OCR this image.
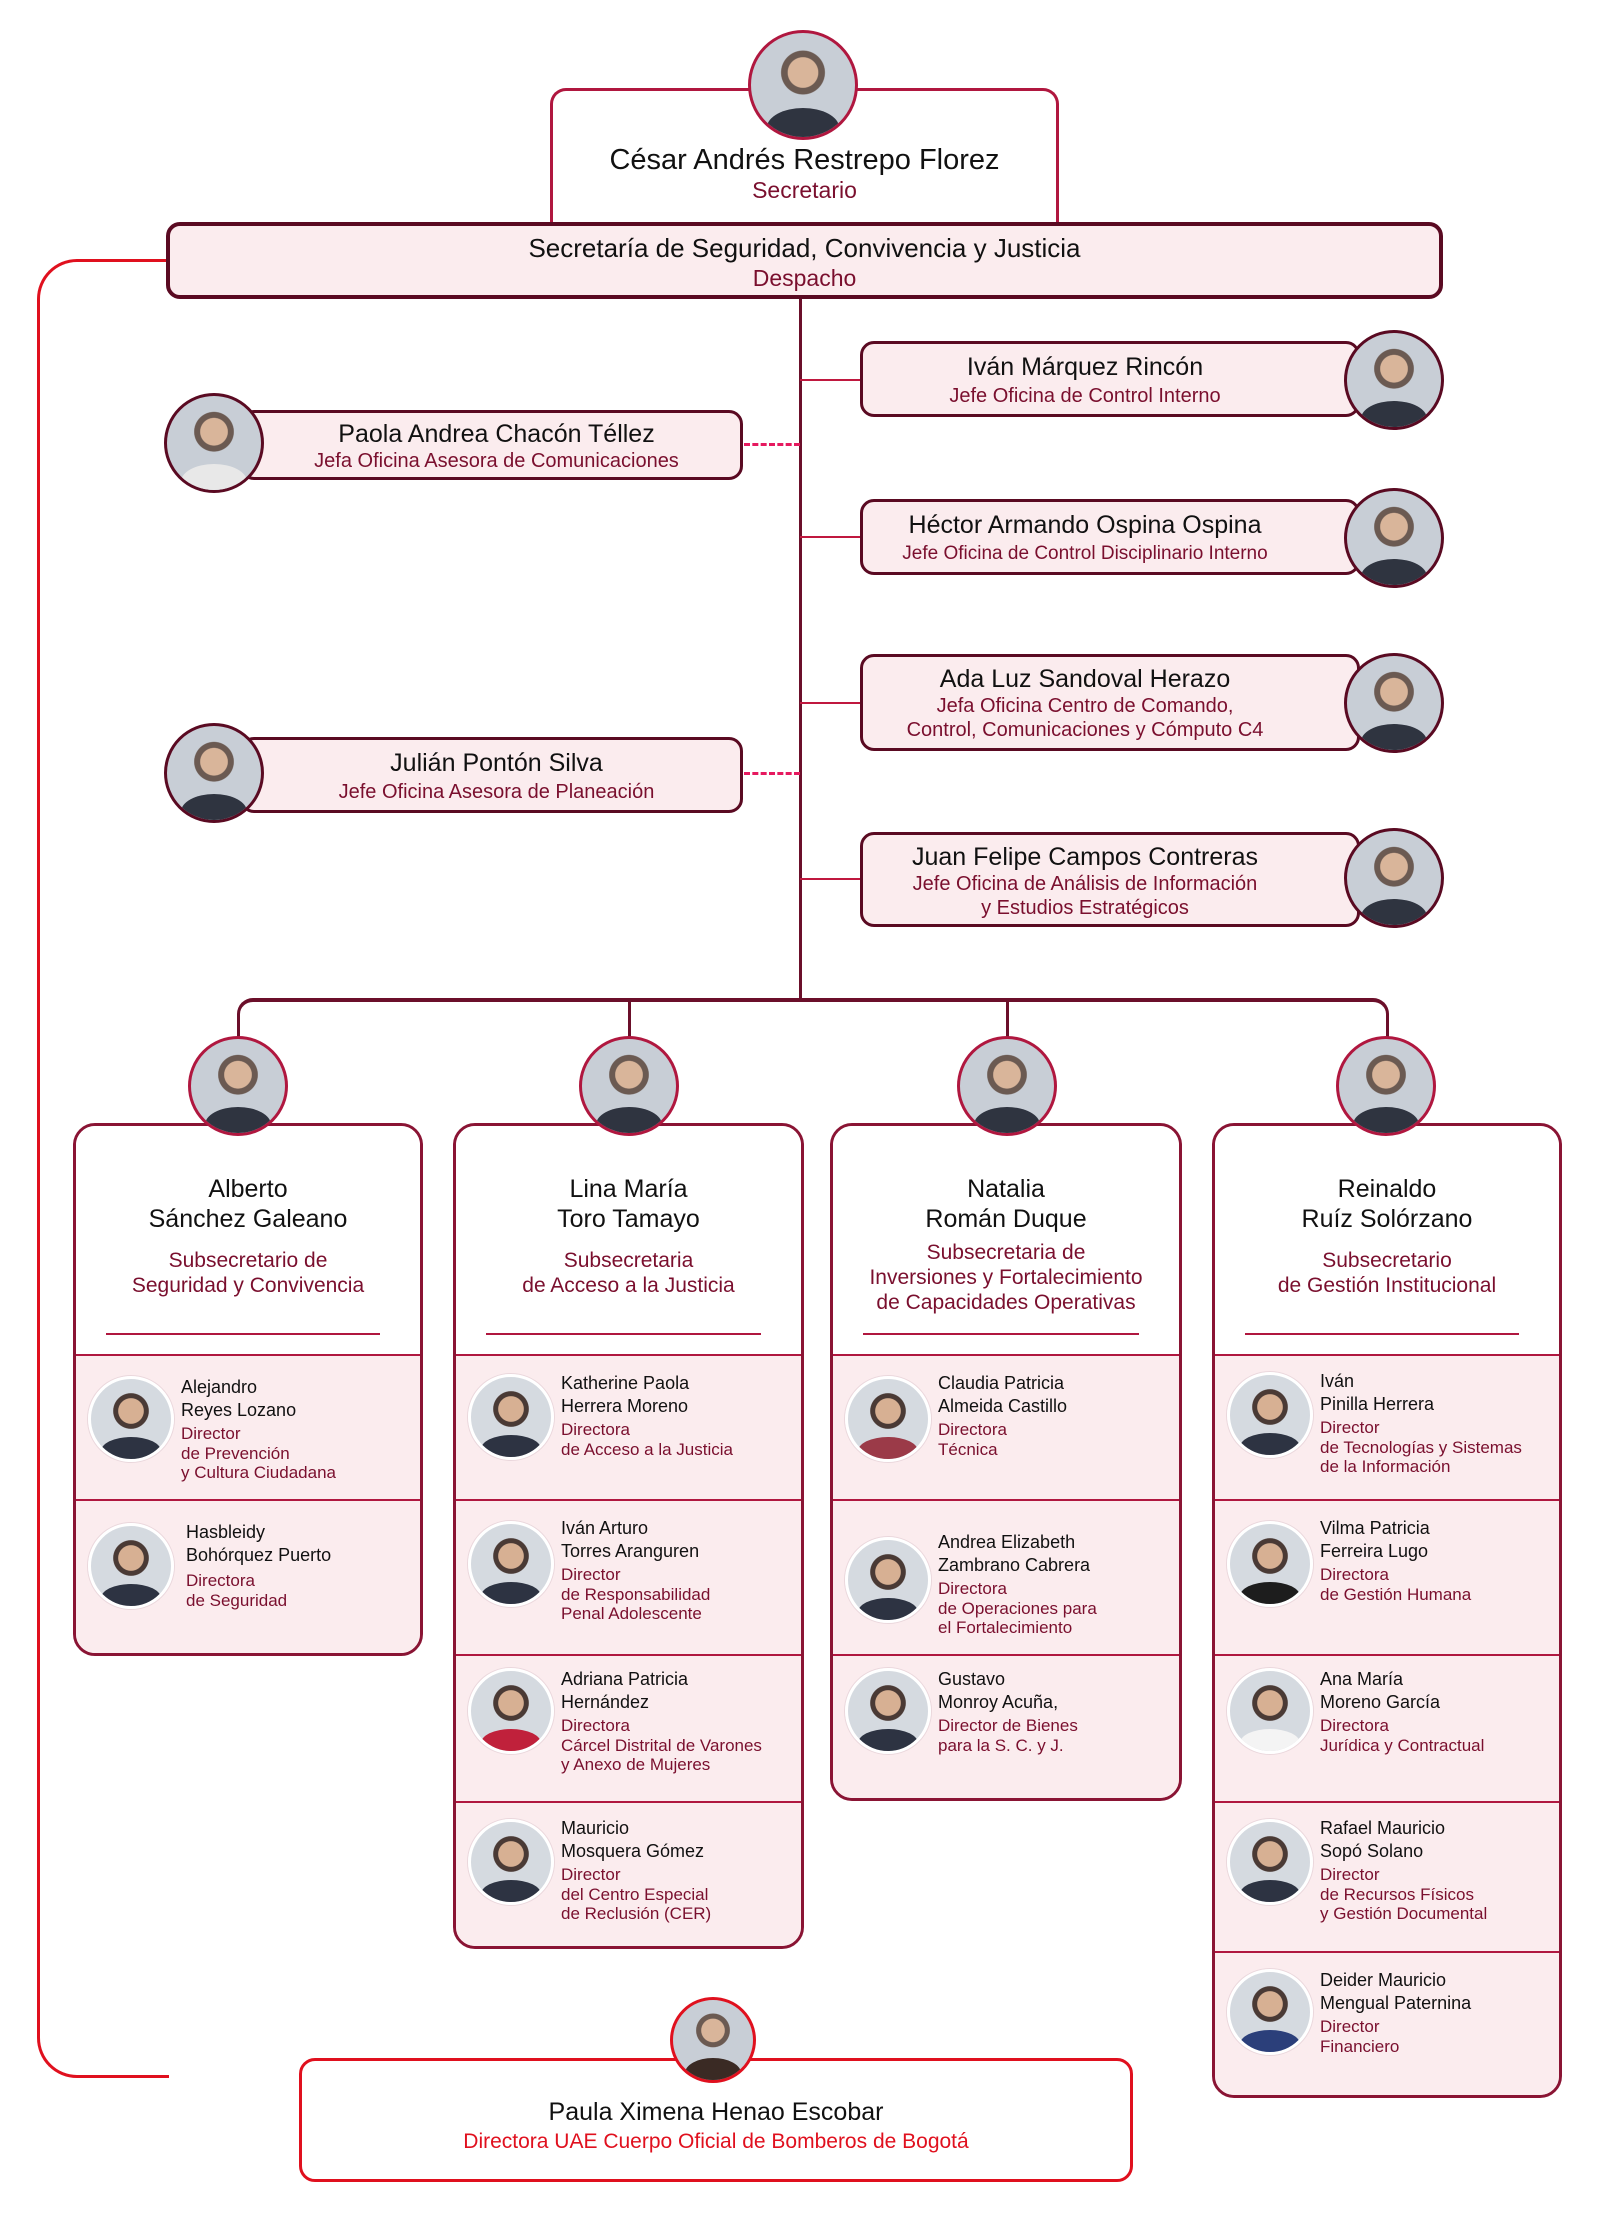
César Andrés Restrepo Florez
Secretario
Secretaría de Seguridad, Convivencia y Justicia
Despacho
Paola Andrea Chacón Téllez
Jefa Oficina Asesora de Comunicaciones
Julián Pontón Silva
Jefe Oficina Asesora de Planeación
Iván Márquez Rincón
Jefe Oficina de Control Interno
Héctor Armando Ospina Ospina
Jefe Oficina de Control Disciplinario Interno
Ada Luz Sandoval Herazo
Jefa Oficina Centro de Comando,
Control, Comunicaciones y Cómputo C4
Juan Felipe Campos Contreras
Jefe Oficina de Análisis de Información
y Estudios Estratégicos
Alberto
Sánchez Galeano
Subsecretario de
Seguridad y Convivencia
Alejandro
Reyes Lozano
Director
de Prevención
y Cultura Ciudadana
Hasbleidy
Bohórquez Puerto
Directora
de Seguridad
Lina María
Toro Tamayo
Subsecretaria
de Acceso a la Justicia
Katherine Paola
Herrera Moreno
Directora
de Acceso a la Justicia
Iván Arturo
Torres Aranguren
Director
de Responsabilidad
Penal Adolescente
Adriana Patricia
Hernández
Directora
Cárcel Distrital de Varones
y Anexo de Mujeres
Mauricio
Mosquera Gómez
Director
del Centro Especial
de Reclusión (CER)
Natalia
Román Duque
Subsecretaria de
Inversiones y Fortalecimiento
de Capacidades Operativas
Claudia Patricia
Almeida Castillo
Directora
Técnica
Andrea Elizabeth
Zambrano Cabrera
Directora
de Operaciones para
el Fortalecimiento
Gustavo
Monroy Acuña,
Director de Bienes
para la S. C. y J.
Reinaldo
Ruíz Solórzano
Subsecretario
de Gestión Institucional
Iván
Pinilla Herrera
Director
de Tecnologías y Sistemas
de la Información
Vilma Patricia
Ferreira Lugo
Directora
de Gestión Humana
Ana María
Moreno García
Directora
Jurídica y Contractual
Rafael Mauricio
Sopó Solano
Director
de Recursos Físicos
y Gestión Documental
Deider Mauricio
Mengual Paternina
Director
Financiero
Paula Ximena Henao Escobar
Directora UAE Cuerpo Oficial de Bomberos de Bogotá
